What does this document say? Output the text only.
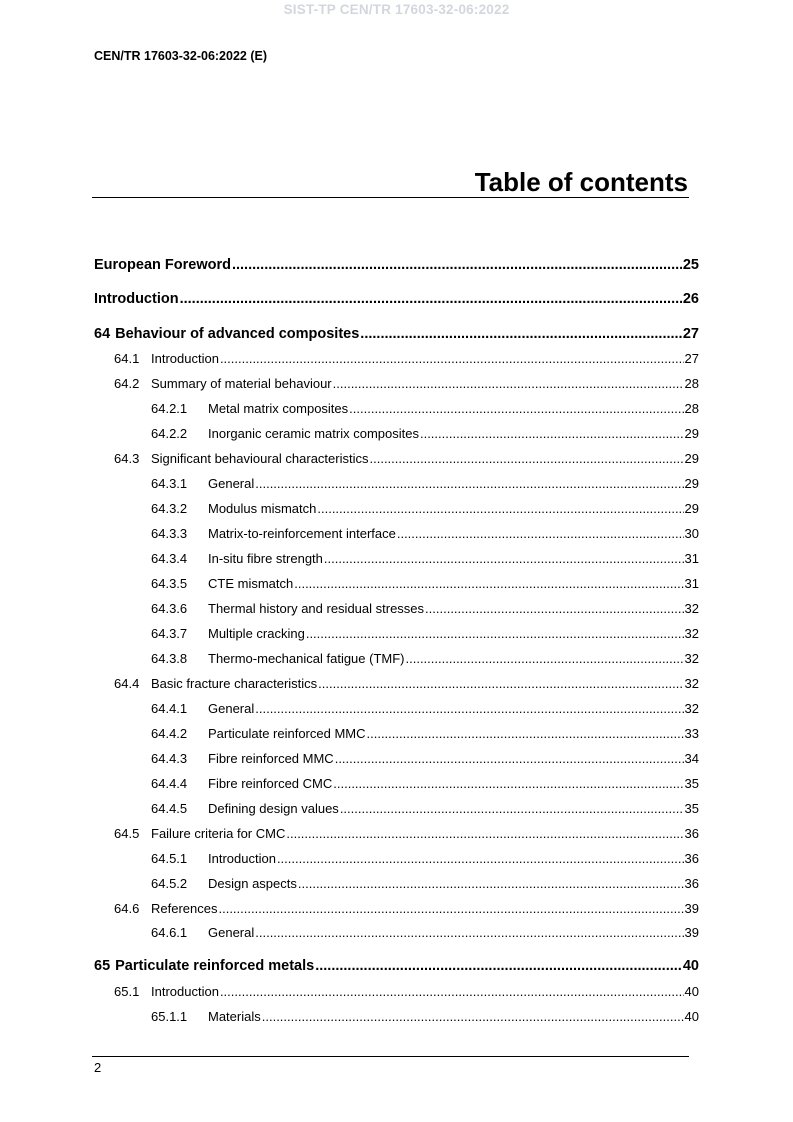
SIST-TP CEN/TR 17603-32-06:2022
CEN/TR 17603-32-06:2022 (E)
Table of contents
European Foreword .....	25
Introduction .....	26
64 Behaviour of advanced composites .....	27
64.1 Introduction .....	27
64.2 Summary of material behaviour .....	28
64.2.1	Metal matrix composites .....	28
64.2.2	Inorganic ceramic matrix composites .....	29
64.3 Significant behavioural characteristics .....	29
64.3.1	General .....	29
64.3.2	Modulus mismatch .....	29
64.3.3	Matrix-to-reinforcement interface .....	30
64.3.4	In-situ fibre strength .....	31
64.3.5	CTE mismatch .....	31
64.3.6	Thermal history and residual stresses .....	32
64.3.7	Multiple cracking .....	32
64.3.8	Thermo-mechanical fatigue (TMF) .....	32
64.4 Basic fracture characteristics .....	32
64.4.1	General .....	32
64.4.2	Particulate reinforced MMC .....	33
64.4.3	Fibre reinforced MMC .....	34
64.4.4	Fibre reinforced CMC .....	35
64.4.5	Defining design values .....	35
64.5 Failure criteria for CMC .....	36
64.5.1	Introduction .....	36
64.5.2	Design aspects .....	36
64.6 References .....	39
64.6.1	General .....	39
65 Particulate reinforced metals .....	40
65.1 Introduction .....	40
65.1.1	Materials .....	40
2
